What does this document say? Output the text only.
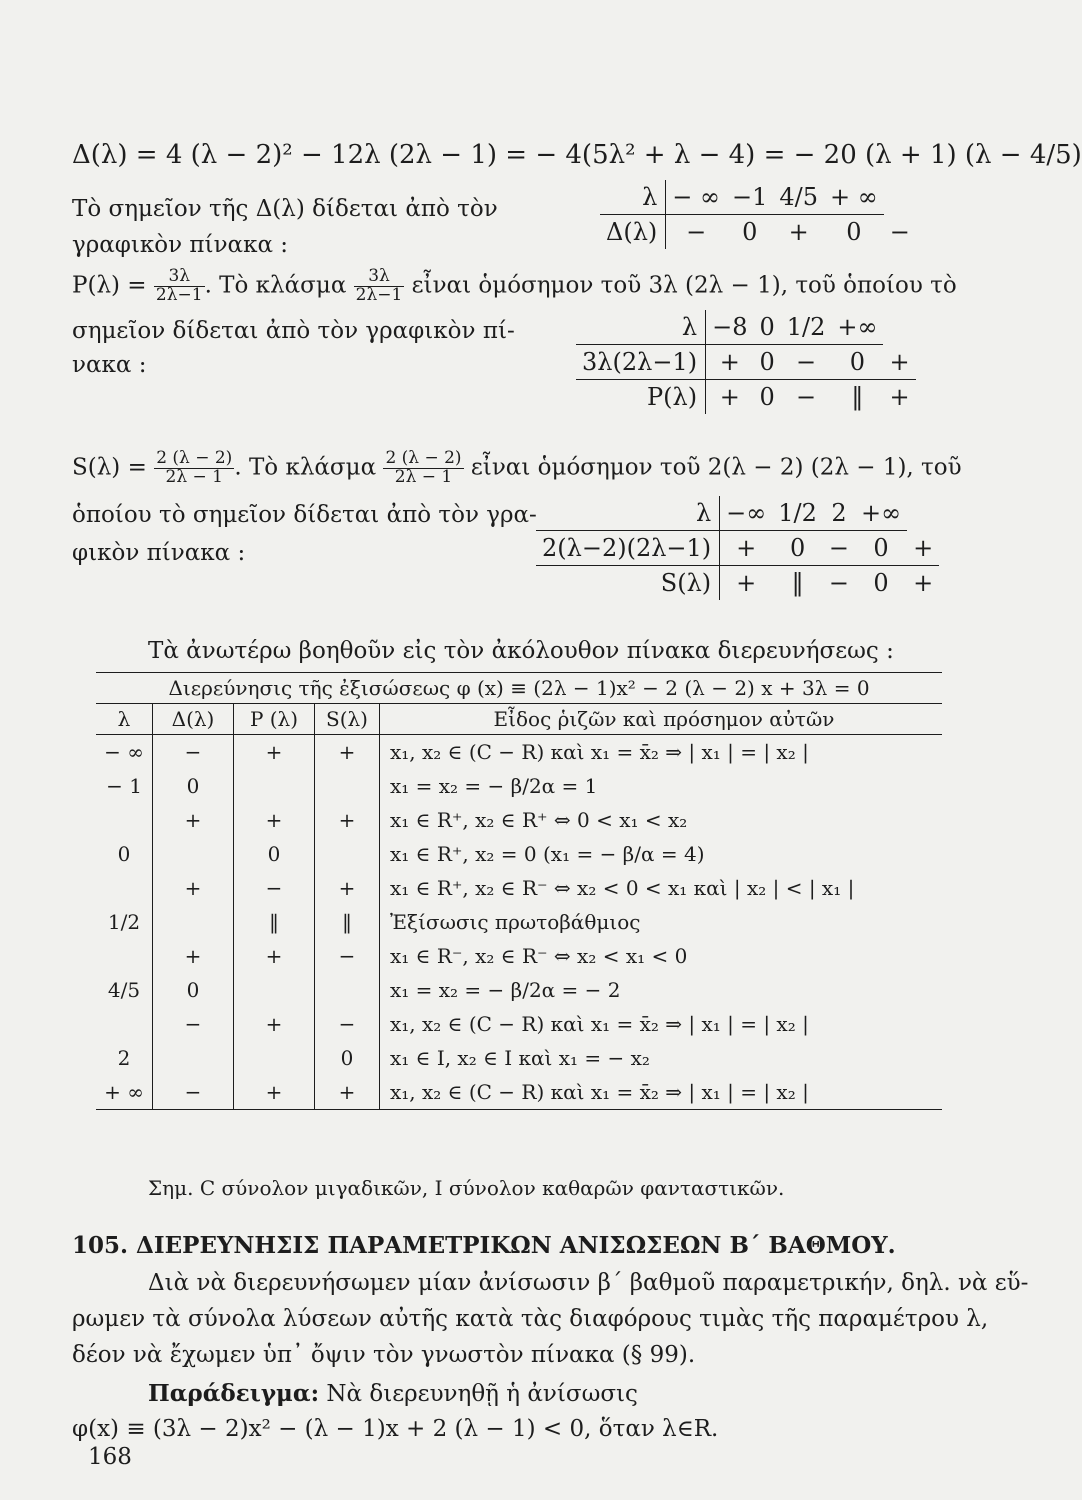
Δ(λ) = 4 (λ − 2)² − 12λ (2λ − 1) = − 4(5λ² + λ − 4) = − 20 (λ + 1) (λ − 4/5)
Τὸ σημεῖον τῆς Δ(λ) δίδεται ἀπὸ τὸν
γραφικὸν πίνακα :
λ	− ∞	−1	4/5	+ ∞	
Δ(λ)	−	0	+	0	−
$P(\lambda) = \frac{3\lambda}{2\lambda-1}$ . Τὸ κλάσμα $\frac{3\lambda}{2\lambda-1}$ εἶναι ὁμόσημον τοῦ 3λ (2λ − 1), τοῦ ὁποίου τὸ
σημεῖον δίδεται ἀπὸ τὸν γραφικὸν πί-
νακα :
λ	−8	0	1/2	+∞	
3λ(2λ−1)	+	0	−	0	+
P(λ)	+	0	−	‖	+
$S(\lambda) = \frac{2 (\lambda - 2)}{2\lambda - 1}$ . Τὸ κλάσμα $\frac{2 (\lambda - 2)}{2\lambda - 1}$ εἶναι ὁμόσημον τοῦ 2(λ − 2) (2λ − 1), τοῦ
ὁποίου τὸ σημεῖον δίδεται ἀπὸ τὸν γρα-
φικὸν πίνακα :
λ	−∞	1/2	2	+∞	
2(λ−2)(2λ−1)	+	0	−	0	+
S(λ)	+	‖	−	0	+
Τὰ ἀνωτέρω βοηθοῦν εἰς τὸν ἀκόλουθον πίνακα διερευνήσεως :
Διερεύνησις τῆς ἐξισώσεως φ (x) ≡ (2λ − 1)x² − 2 (λ − 2) x + 3λ = 0				
λ	Δ(λ)	P (λ)	S(λ)	Εἶδος ῥιζῶν καὶ πρόσημον αὐτῶν
− ∞	−	+	+	x₁, x₂ ∈ (C − R) καὶ x₁ = x̄₂ ⇒ | x₁ | = | x₂ |
− 1	0			x₁ = x₂ = − β/2α = 1
	+	+	+	x₁ ∈ R⁺, x₂ ∈ R⁺ ⇔ 0 < x₁ < x₂
0		0		x₁ ∈ R⁺, x₂ = 0 (x₁ = − β/α = 4)
	+	−	+	x₁ ∈ R⁺, x₂ ∈ R⁻ ⇔ x₂ < 0 < x₁ καὶ | x₂ | < | x₁ |
1/2		‖	‖	Ἐξίσωσις πρωτοβάθμιος
	+	+	−	x₁ ∈ R⁻, x₂ ∈ R⁻ ⇔ x₂ < x₁ < 0
4/5	0			x₁ = x₂ = − β/2α = − 2
	−	+	−	x₁, x₂ ∈ (C − R) καὶ x₁ = x̄₂ ⇒ | x₁ | = | x₂ |
2			0	x₁ ∈ I, x₂ ∈ I καὶ x₁ = − x₂
+ ∞	−	+	+	x₁, x₂ ∈ (C − R) καὶ x₁ = x̄₂ ⇒ | x₁ | = | x₂ |
Σημ. C σύνολον μιγαδικῶν, I σύνολον καθαρῶν φανταστικῶν.
105. ΔΙΕΡΕΥΝΗΣΙΣ ΠΑΡΑΜΕΤΡΙΚΩΝ ΑΝΙΣΩΣΕΩΝ Β΄ ΒΑΘΜΟΥ.
Διὰ νὰ διερευνήσωμεν μίαν ἀνίσωσιν β΄ βαθμοῦ παραμετρικήν, δηλ. νὰ εὕ-
ρωμεν τὰ σύνολα λύσεων αὐτῆς κατὰ τὰς διαφόρους τιμὰς τῆς παραμέτρου λ,
δέον νὰ ἔχωμεν ὑπ᾽ ὄψιν τὸν γνωστὸν πίνακα (§ 99).
Παράδειγμα: Νὰ διερευνηθῇ ἡ ἀνίσωσις
φ(x) ≡ (3λ − 2)x² − (λ − 1)x + 2 (λ − 1) < 0, ὅταν λ∈R.
168
